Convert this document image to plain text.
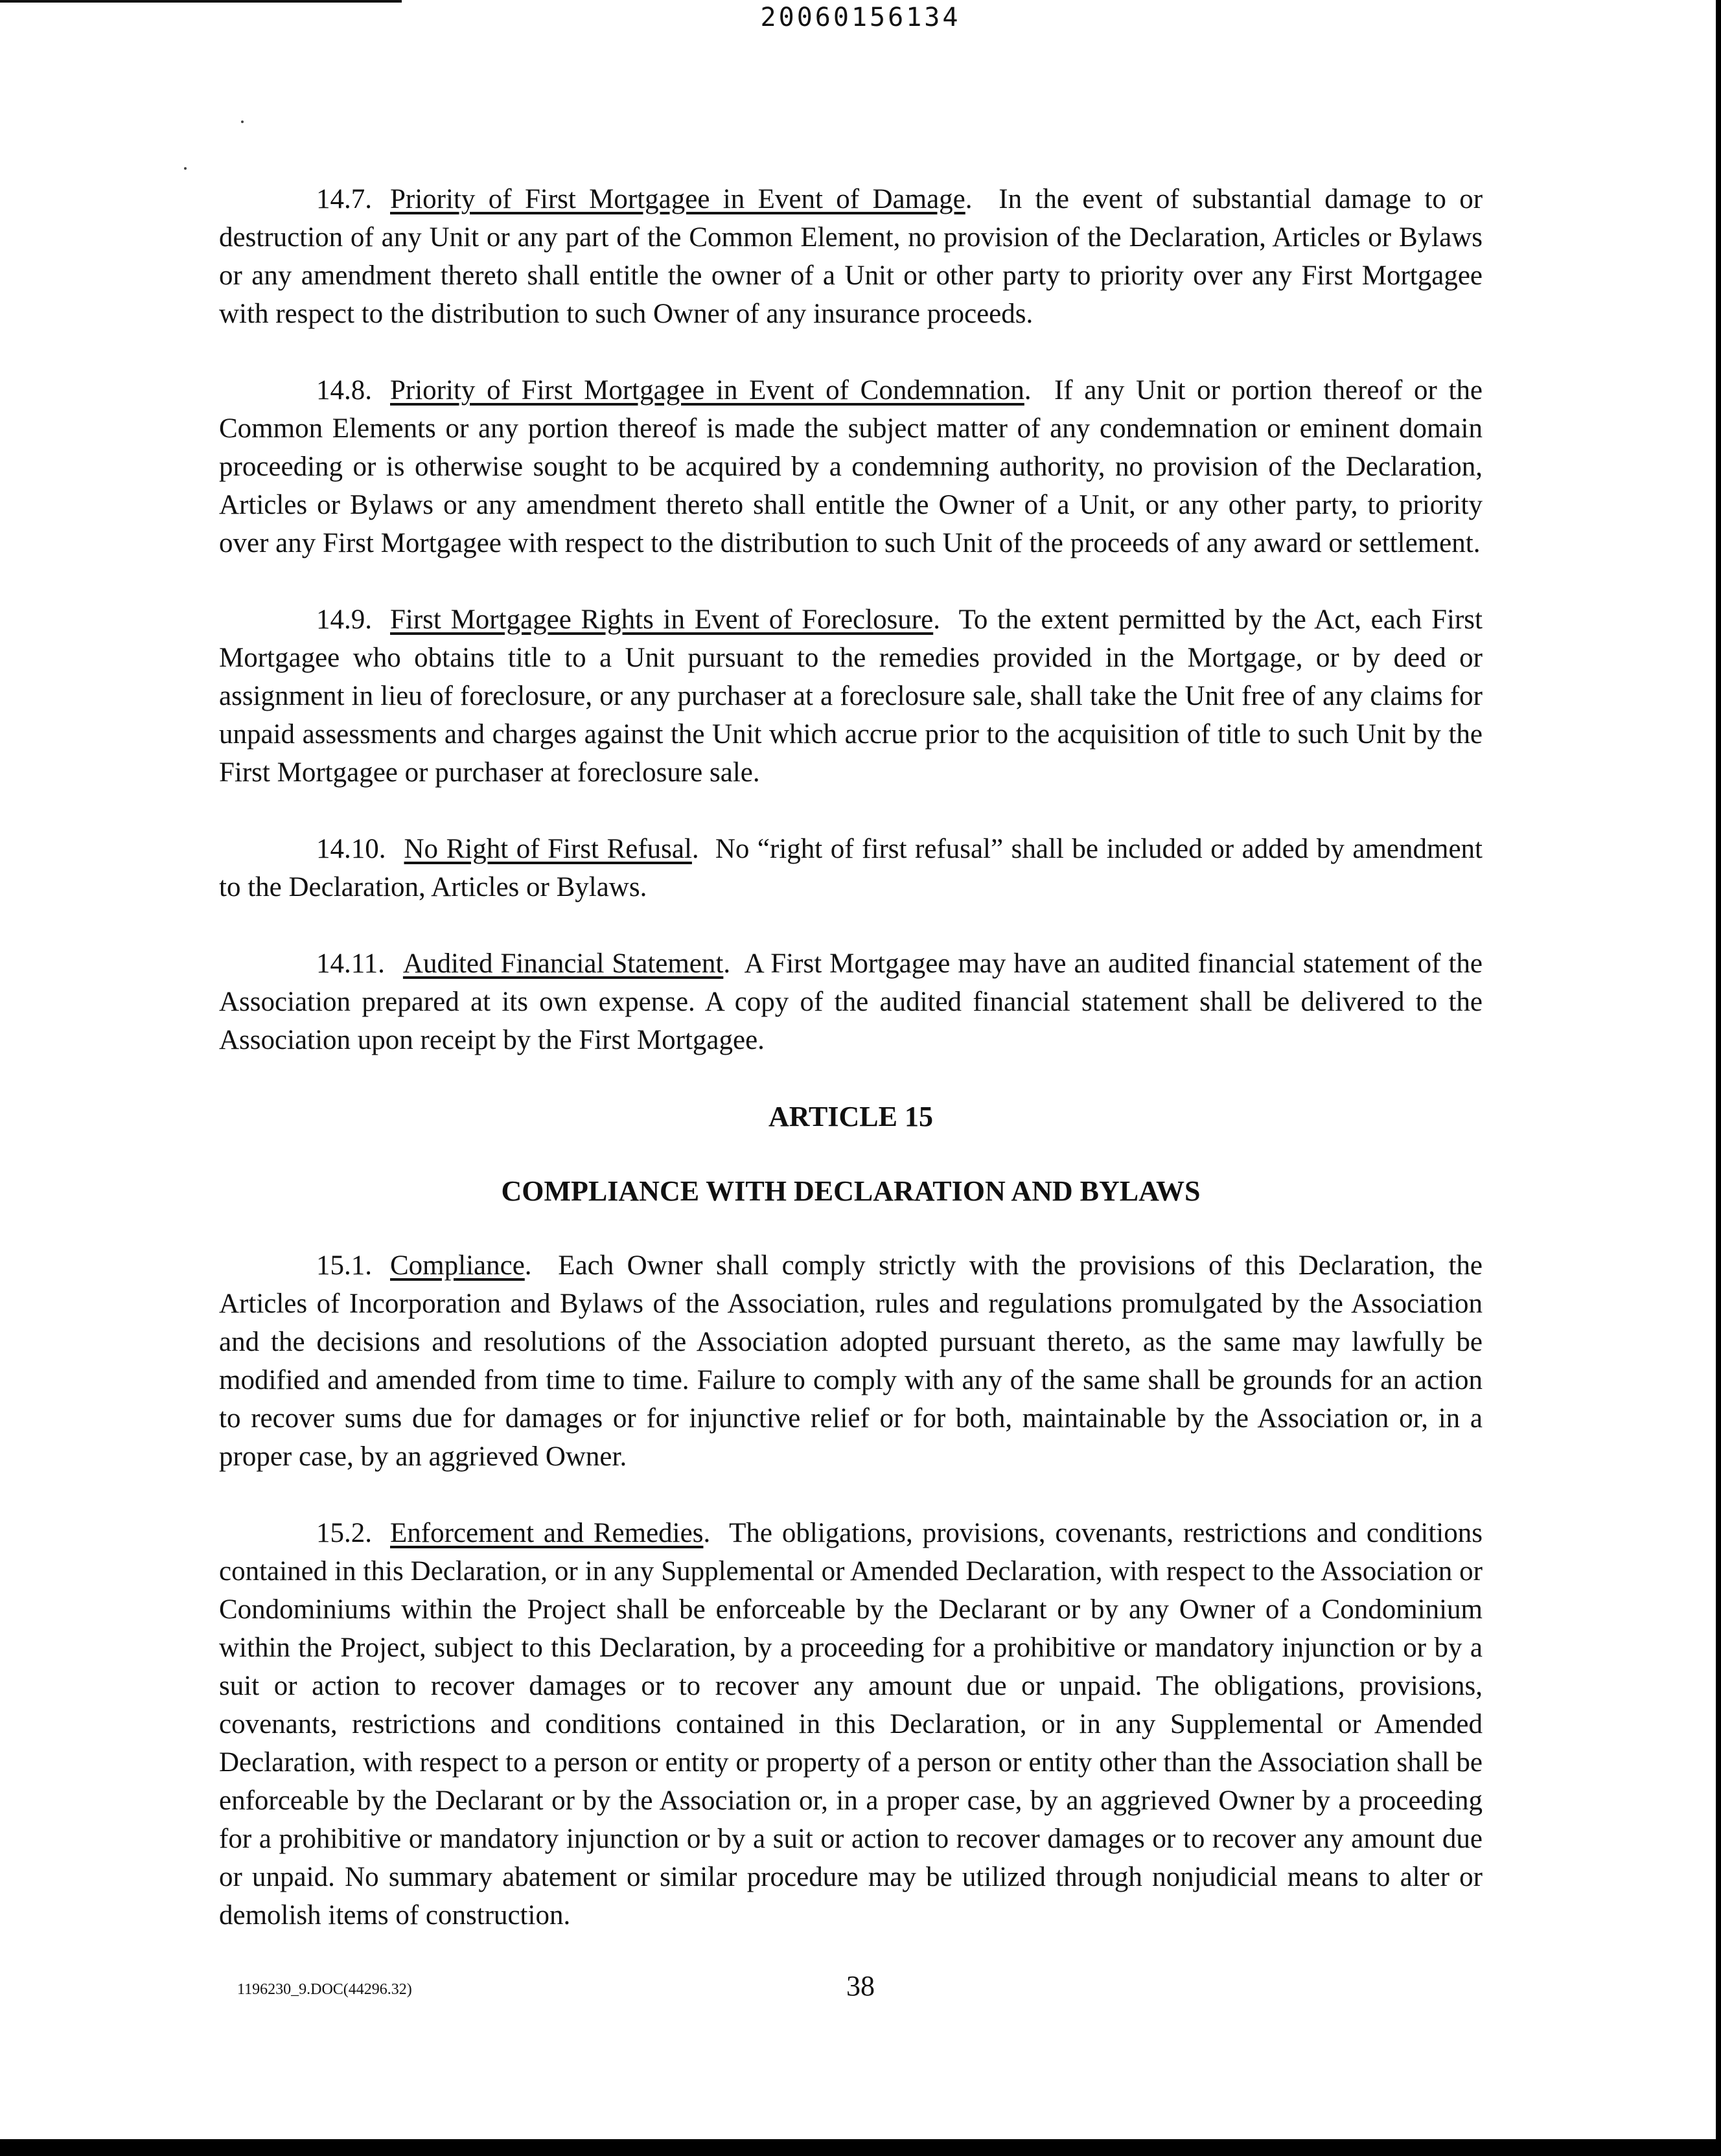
20060156134

14.7. Priority of First Mortgagee in Event of Damage.  In the event of substantial damage to or destruction of any Unit or any part of the Common Element, no provision of the Declaration, Articles or Bylaws or any amendment thereto shall entitle the owner of a Unit or other party to priority over any First Mortgagee with respect to the distribution to such Owner of any insurance proceeds.

14.8. Priority of First Mortgagee in Event of Condemnation.  If any Unit or portion thereof or the Common Elements or any portion thereof is made the subject matter of any condemnation or eminent domain proceeding or is otherwise sought to be acquired by a condemning authority, no provision of the Declaration, Articles or Bylaws or any amendment thereto shall entitle the Owner of a Unit, or any other party, to priority over any First Mortgagee with respect to the distribution to such Unit of the proceeds of any award or settlement.

14.9. First Mortgagee Rights in Event of Foreclosure.  To the extent permitted by the Act, each First Mortgagee who obtains title to a Unit pursuant to the remedies provided in the Mortgage, or by deed or assignment in lieu of foreclosure, or any purchaser at a foreclosure sale, shall take the Unit free of any claims for unpaid assessments and charges against the Unit which accrue prior to the acquisition of title to such Unit by the First Mortgagee or purchaser at foreclosure sale.

14.10. No Right of First Refusal.  No “right of first refusal” shall be included or added by amendment to the Declaration, Articles or Bylaws.

14.11. Audited Financial Statement.  A First Mortgagee may have an audited financial statement of the Association prepared at its own expense. A copy of the audited financial statement shall be delivered to the Association upon receipt by the First Mortgagee.

ARTICLE 15
COMPLIANCE WITH DECLARATION AND BYLAWS

15.1. Compliance.  Each Owner shall comply strictly with the provisions of this Declaration, the Articles of Incorporation and Bylaws of the Association, rules and regulations promulgated by the Association and the decisions and resolutions of the Association adopted pursuant thereto, as the same may lawfully be modified and amended from time to time. Failure to comply with any of the same shall be grounds for an action to recover sums due for damages or for injunctive relief or for both, maintainable by the Association or, in a proper case, by an aggrieved Owner.

15.2. Enforcement and Remedies.  The obligations, provisions, covenants, restrictions and conditions contained in this Declaration, or in any Supplemental or Amended Declaration, with respect to the Association or Condominiums within the Project shall be enforceable by the Declarant or by any Owner of a Condominium within the Project, subject to this Declaration, by a proceeding for a prohibitive or mandatory injunction or by a suit or action to recover damages or to recover any amount due or unpaid. The obligations, provisions, covenants, restrictions and conditions contained in this Declaration, or in any Supplemental or Amended Declaration, with respect to a person or entity or property of a person or entity other than the Association shall be enforceable by the Declarant or by the Association or, in a proper case, by an aggrieved Owner by a proceeding for a prohibitive or mandatory injunction or by a suit or action to recover damages or to recover any amount due or unpaid. No summary abatement or similar procedure may be utilized through nonjudicial means to alter or demolish items of construction.

1196230_9.DOC(44296.32)	38
